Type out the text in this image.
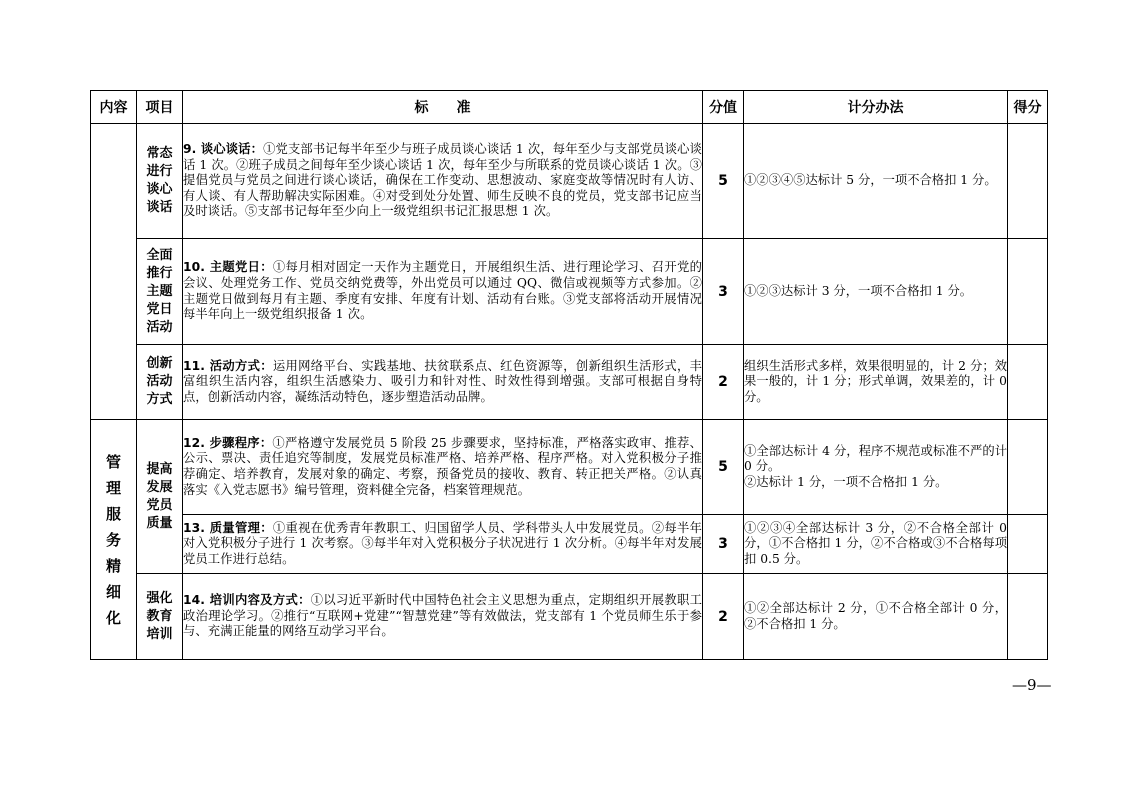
内容	项目	标　　准	分值	计分办法	得分
	常态进行谈心谈话	9. 谈心谈话：①党支部书记每半年至少与班子成员谈心谈话 1 次，每年至少与支部党员谈心谈话 1 次。②班子成员之间每年至少谈心谈话 1 次，每年至少与所联系的党员谈心谈话 1 次。③提倡党员与党员之间进行谈心谈话，确保在工作变动、思想波动、家庭变故等情况时有人访、有人谈、有人帮助解决实际困难。④对受到处分处置、师生反映不良的党员，党支部书记应当及时谈话。⑤支部书记每年至少向上一级党组织书记汇报思想 1 次。	5	①②③④⑤达标计 5 分，一项不合格扣 1 分。	

	全面推行主题党日活动	10. 主题党日：①每月相对固定一天作为主题党日，开展组织生活、进行理论学习、召开党的会议、处理党务工作、党员交纳党费等，外出党员可以通过 QQ、微信或视频等方式参加。②主题党日做到每月有主题、季度有安排、年度有计划、活动有台账。③党支部将活动开展情况每半年向上一级党组织报备 1 次。	3	①②③达标计 3 分，一项不合格扣 1 分。	

	创新活动方式	11. 活动方式：运用网络平台、实践基地、扶贫联系点、红色资源等，创新组织生活形式，丰富组织生活内容，组织生活感染力、吸引力和针对性、时效性得到增强。支部可根据自身特点，创新活动内容，凝练活动特色，逐步塑造活动品牌。	2	组织生活形式多样，效果很明显的，计 2 分；效果一般的，计 1 分；形式单调，效果差的，计 0 分。	

管理服务精细化	提高发展党员质量	12. 步骤程序：①严格遵守发展党员 5 阶段 25 步骤要求，坚持标准，严格落实政审、推荐、公示、票决、责任追究等制度，发展党员标准严格、培养严格、程序严格。对入党积极分子推荐确定、培养教育，发展对象的确定、考察，预备党员的接收、教育、转正把关严格。②认真落实《入党志愿书》编号管理，资料健全完备，档案管理规范。	5	①全部达标计 4 分，程序不规范或标准不严的计 0 分。
②达标计 1 分，一项不合格扣 1 分。	

		13. 质量管理：①重视在优秀青年教职工、归国留学人员、学科带头人中发展党员。②每半年对入党积极分子进行 1 次考察。③每半年对入党积极分子状况进行 1 次分析。④每半年对发展党员工作进行总结。	3	①②③④全部达标计 3 分，②不合格全部计 0 分，①不合格扣 1 分，②不合格或③不合格每项扣 0.5 分。	

	强化教育培训	14. 培训内容及方式：①以习近平新时代中国特色社会主义思想为重点，定期组织开展教职工政治理论学习。②推行“互联网+党建”“智慧党建”等有效做法，党支部有 1 个党员师生乐于参与、充满正能量的网络互动学习平台。	2	①②全部达标计 2 分，①不合格全部计 0 分，②不合格扣 1 分。	

—9—
